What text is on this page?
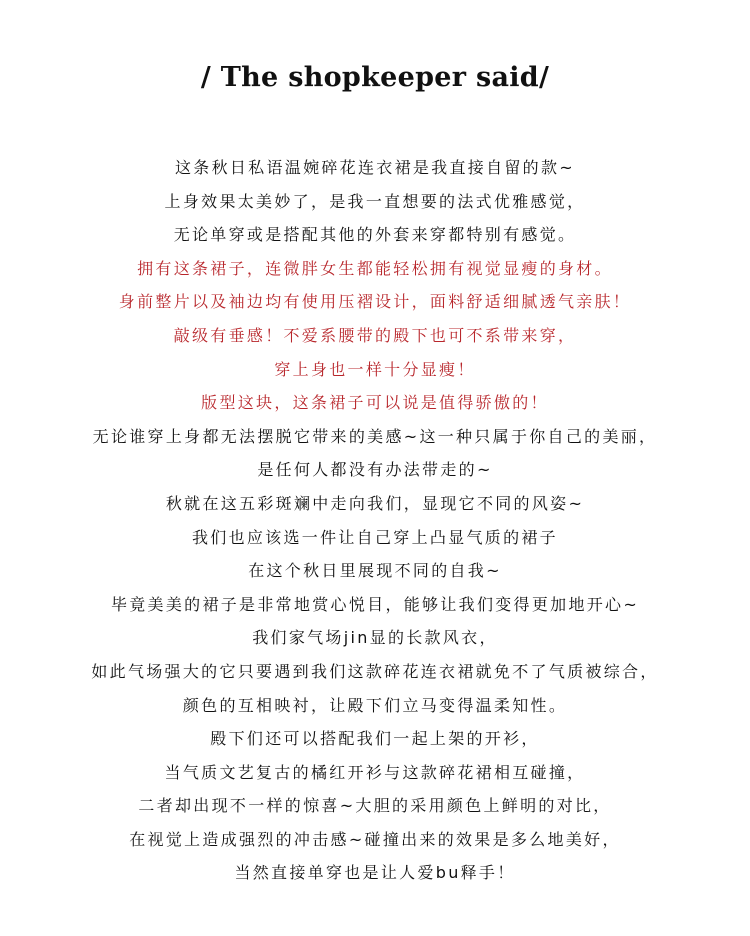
/ The shopkeeper said/
这条秋日私语温婉碎花连衣裙是我直接自留的款~
上身效果太美妙了，是我一直想要的法式优雅感觉，
无论单穿或是搭配其他的外套来穿都特别有感觉。
拥有这条裙子，连微胖女生都能轻松拥有视觉显瘦的身材。
身前整片以及袖边均有使用压褶设计，面料舒适细腻透气亲肤！
敲级有垂感！不爱系腰带的殿下也可不系带来穿，
穿上身也一样十分显瘦！
版型这块，这条裙子可以说是值得骄傲的！
无论谁穿上身都无法摆脱它带来的美感~这一种只属于你自己的美丽，
是任何人都没有办法带走的~
秋就在这五彩斑斓中走向我们，显现它不同的风姿~
我们也应该选一件让自己穿上凸显气质的裙子
在这个秋日里展现不同的自我~
毕竟美美的裙子是非常地赏心悦目，能够让我们变得更加地开心~
我们家气场jin显的长款风衣，
如此气场强大的它只要遇到我们这款碎花连衣裙就免不了气质被综合，
颜色的互相映衬，让殿下们立马变得温柔知性。
殿下们还可以搭配我们一起上架的开衫，
当气质文艺复古的橘红开衫与这款碎花裙相互碰撞，
二者却出现不一样的惊喜~大胆的采用颜色上鲜明的对比，
在视觉上造成强烈的冲击感~碰撞出来的效果是多么地美好，
当然直接单穿也是让人爱bu释手！
